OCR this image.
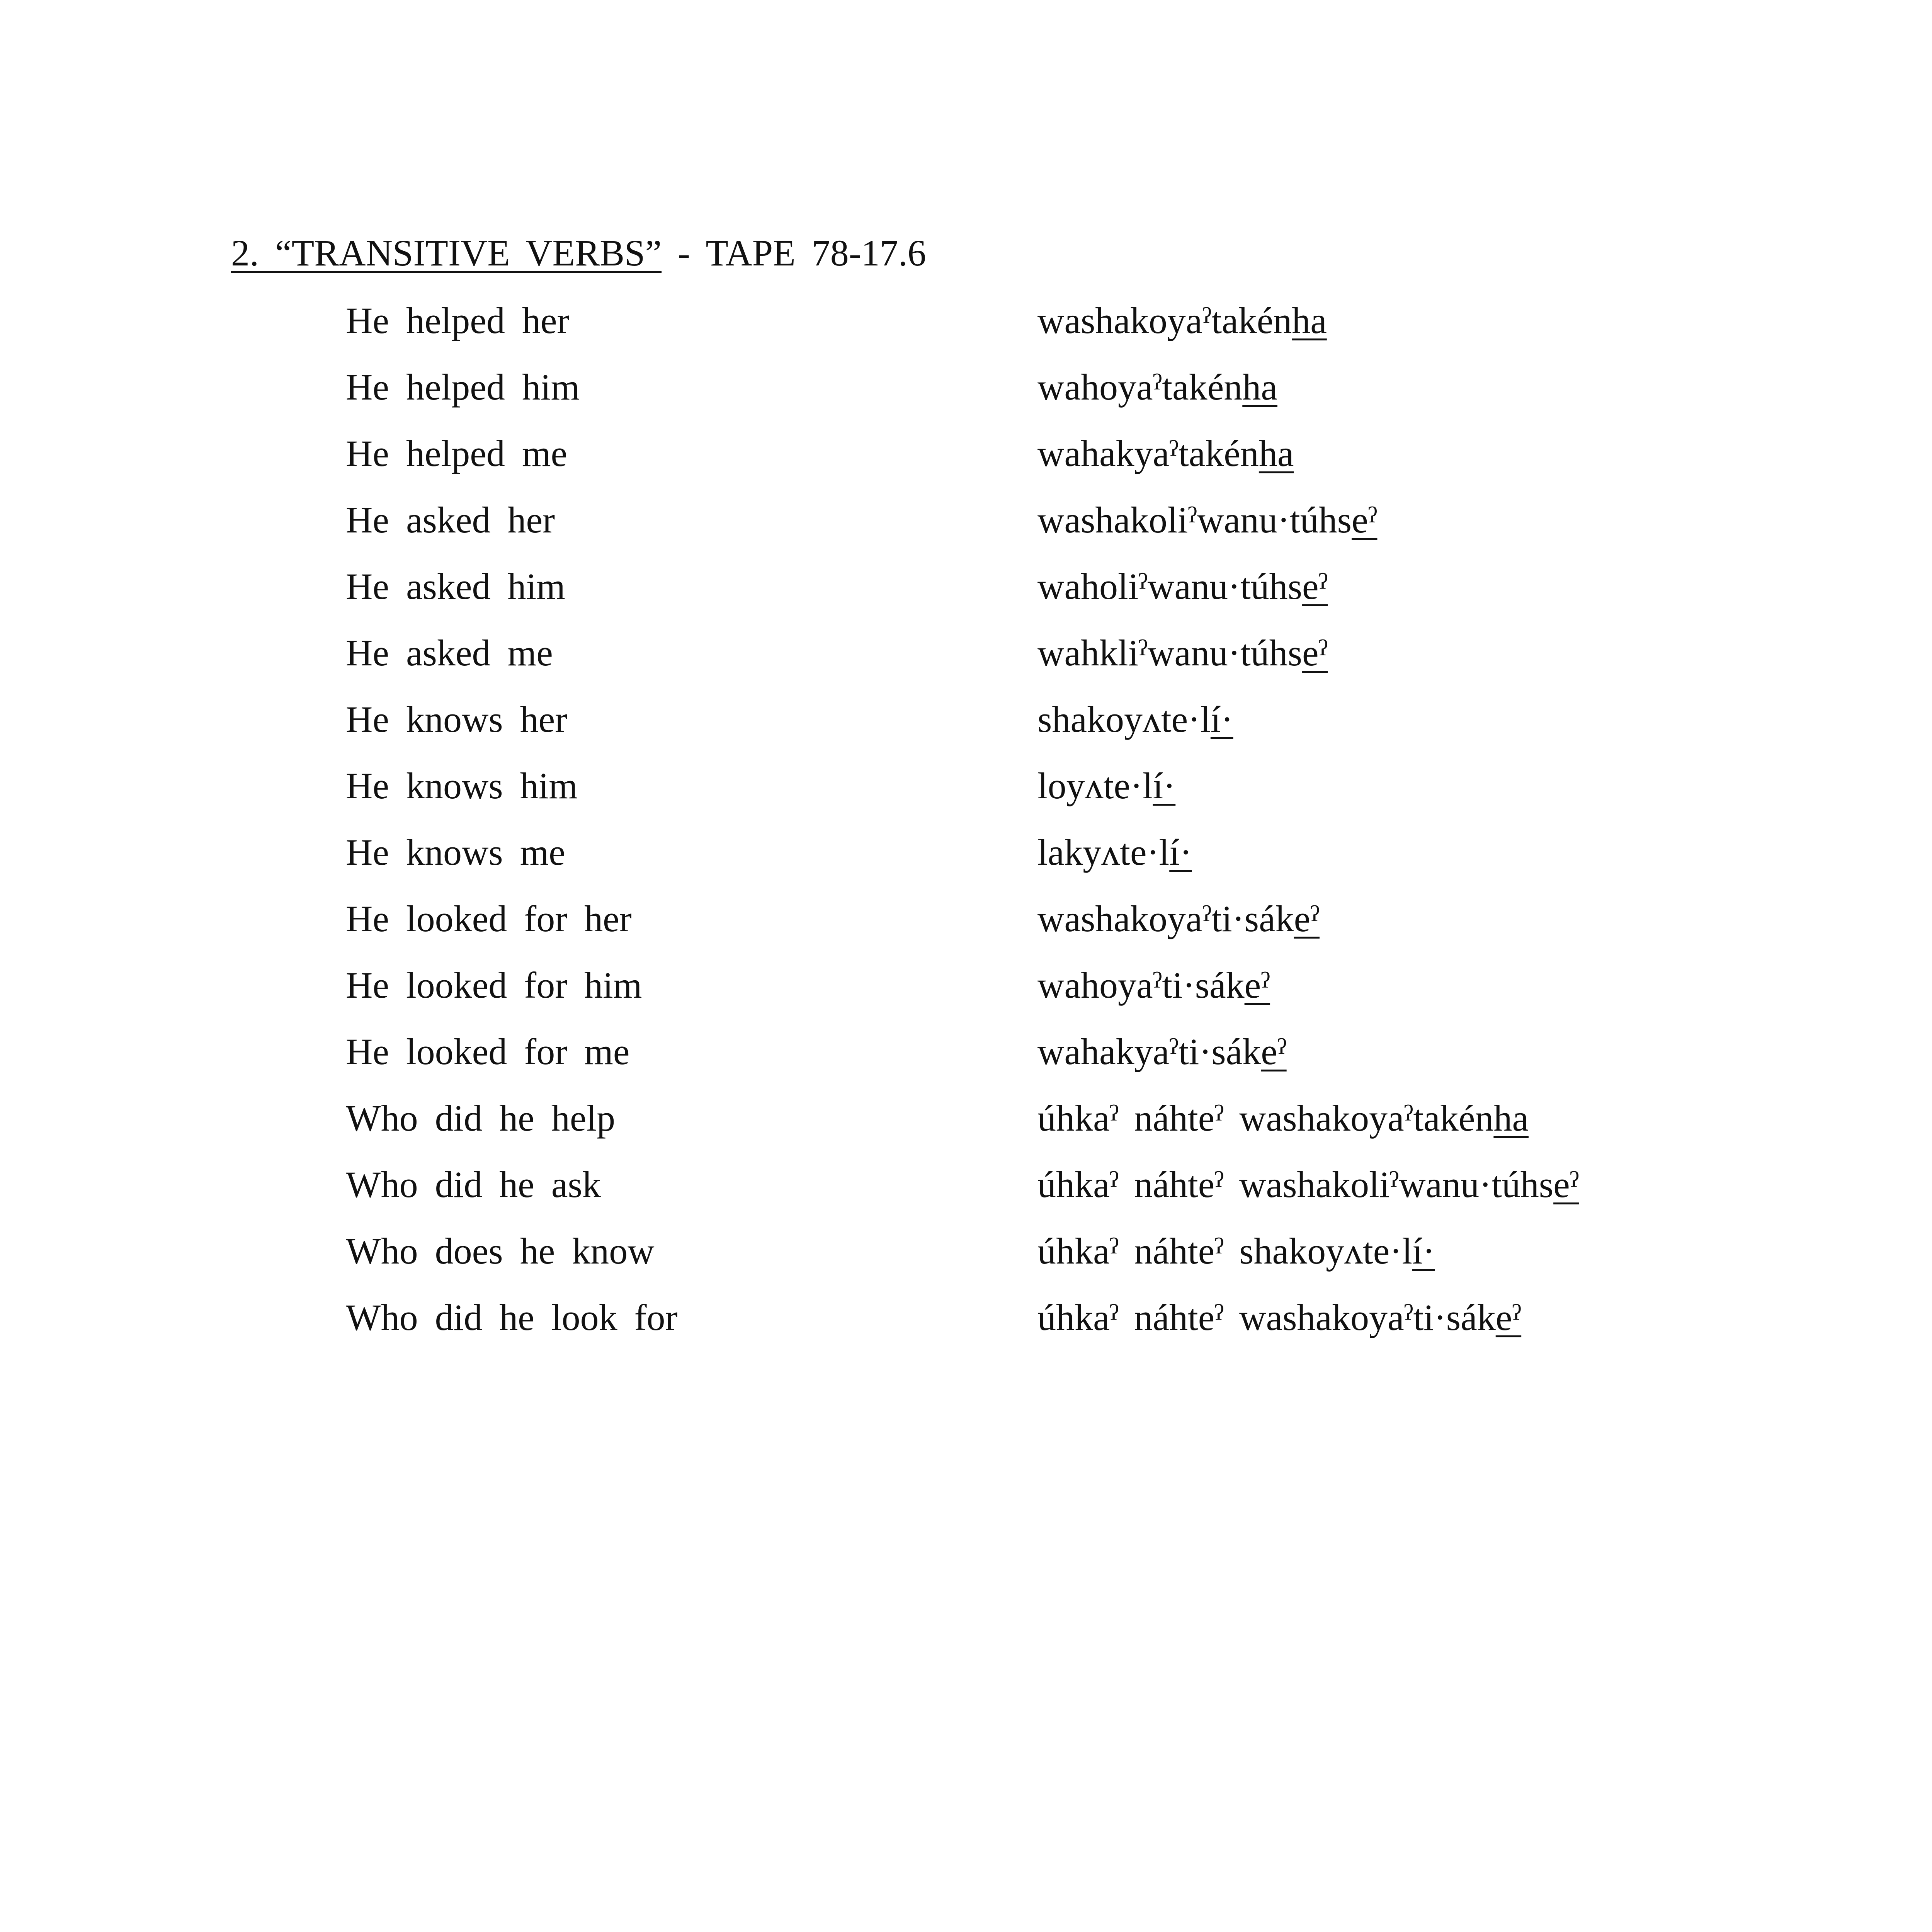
2. “TRANSITIVE VERBS” - TAPE 78-17.6
He helped her	washakoyaˀtakénha
He helped him	wahoyaˀtakénha
He helped me	wahakyaˀtakénha
He asked her	washakoliˀwanu·túhseˀ
He asked him	waholiˀwanu·túhseˀ
He asked me	wahkliˀwanu·túhseˀ
He knows her	shakoyʌte·lí·
He knows him	loyʌte·lí·
He knows me	lakyʌte·lí·
He looked for her	washakoyaˀti·sákeˀ
He looked for him	wahoyaˀti·sákeˀ
He looked for me	wahakyaˀti·sákeˀ
Who did he help	úhkaˀ náhteˀ washakoyaˀtakénha
Who did he ask	úhkaˀ náhteˀ washakoliˀwanu·túhseˀ
Who does he know	úhkaˀ náhteˀ shakoyʌte·lí·
Who did he look for	úhkaˀ náhteˀ washakoyaˀti·sákeˀ
